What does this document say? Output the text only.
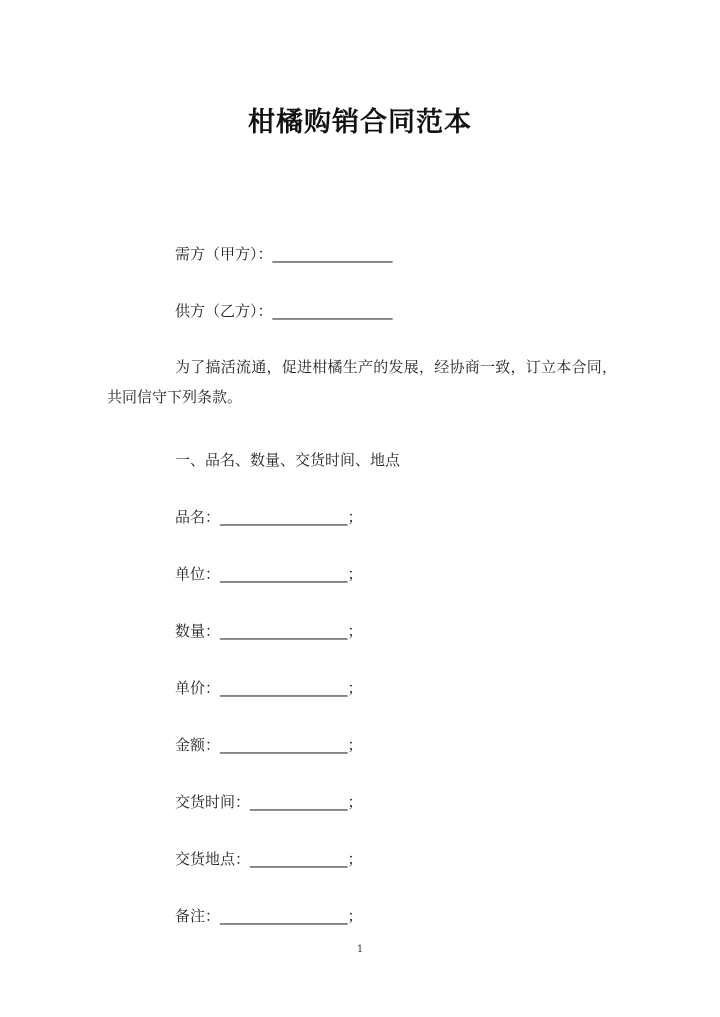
柑橘购销合同范本
需方（甲方）：________________
供方（乙方）：________________
为了搞活流通，促进柑橘生产的发展，经协商一致，订立本合同，共同信守下列条款。
一、品名、数量、交货时间、地点
品名：_________________；
单位：_________________；
数量：_________________；
单价：_________________；
金额：_________________；
交货时间：_____________；
交货地点：_____________；
备注：_________________；
1
